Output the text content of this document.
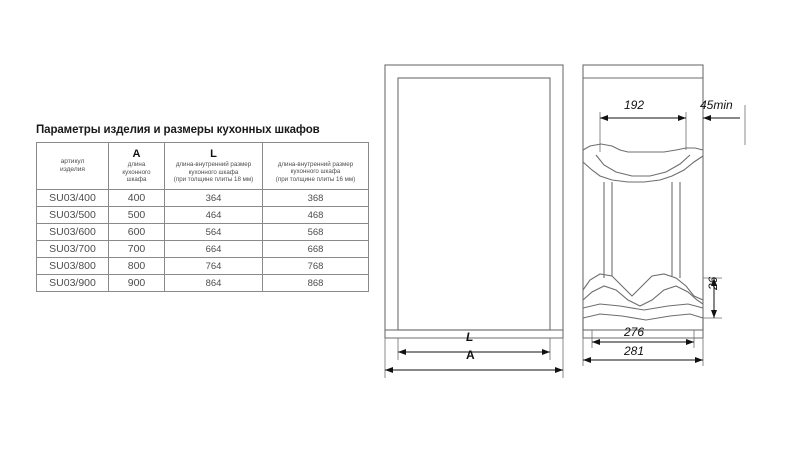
Параметры изделия и размеры кухонных шкафов
артикул
изделия

A
длина
кухонного
шкафа

L
длина-внутренний размер
кухонного шкафа
(при толщине плиты 18 мм)

длина-внутренний размер
кухонного шкафа
(при толщине плиты 16 мм)

SU03/400	400	364	368
SU03/500	500	464	468
SU03/600	600	564	568
SU03/700	700	664	668
SU03/800	800	764	768
SU03/900	900	864	868
L
A
192	45min
26
276
281
